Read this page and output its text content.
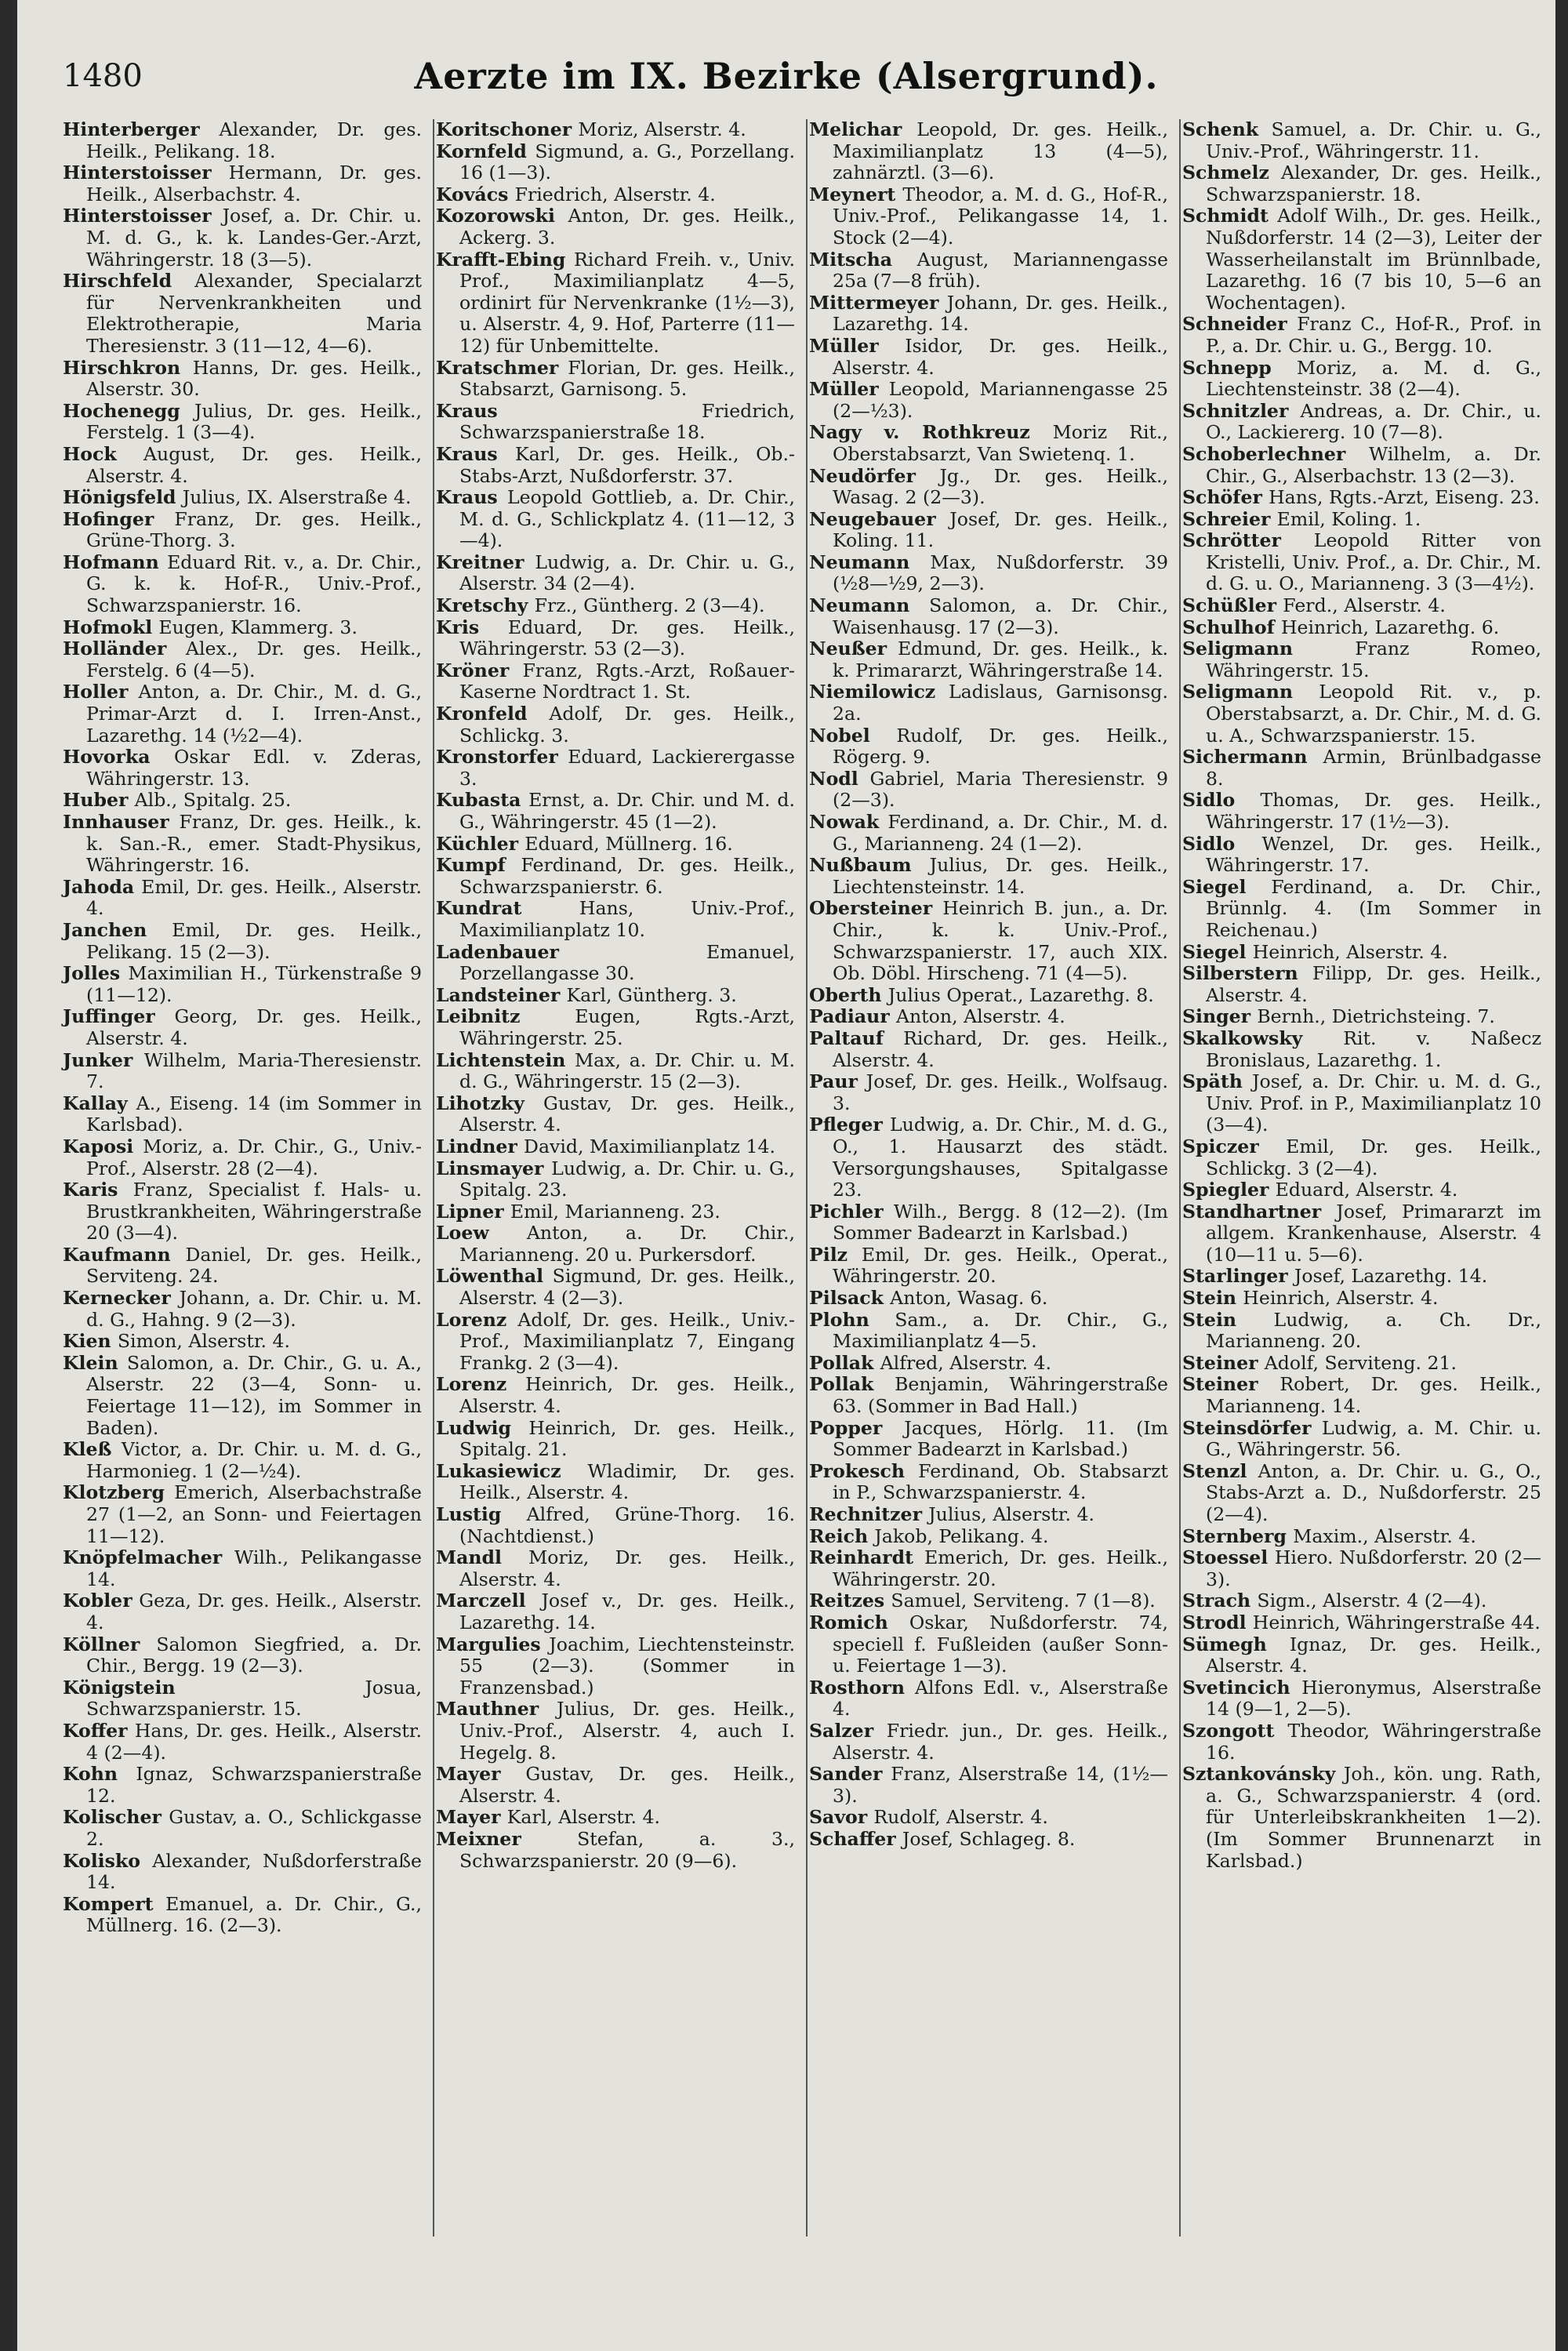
1480	Aerzte im IX. Bezirke (Alsergrund).

Hinterberger Alexander, Dr. ges. Heilk., Pelikang. 18.

Hinterstoisser Hermann, Dr. ges. Heilk., Alserbachstr. 4.

Hinterstoisser Josef, a. Dr. Chir. u. M. d. G., k. k. Landes-Ger.-Arzt, Währingerstr. 18 (3—5).

Hirschfeld Alexander, Specialarzt für Nervenkrankheiten und Elektrotherapie, Maria Theresienstr. 3 (11—12, 4—6).

Hirschkron Hanns, Dr. ges. Heilk., Alserstr. 30.

Hochenegg Julius, Dr. ges. Heilk., Ferstelg. 1 (3—4).

Hock August, Dr. ges. Heilk., Alserstr. 4.

Hönigsfeld Julius, IX. Alserstraße 4.

Hofinger Franz, Dr. ges. Heilk., Grüne-Thorg. 3.

Hofmann Eduard Rit. v., a. Dr. Chir., G. k. k. Hof-R., Univ.-Prof., Schwarzspanierstr. 16.

Hofmokl Eugen, Klammerg. 3.

Holländer Alex., Dr. ges. Heilk., Ferstelg. 6 (4—5).

Holler Anton, a. Dr. Chir., M. d. G., Primar-Arzt d. I. Irren-Anst., Lazarethg. 14 (½2—4).

Hovorka Oskar Edl. v. Zderas, Währingerstr. 13.

Huber Alb., Spitalg. 25.

Innhauser Franz, Dr. ges. Heilk., k. k. San.-R., emer. Stadt-Physikus, Währingerstr. 16.

Jahoda Emil, Dr. ges. Heilk., Alserstr. 4.

Janchen Emil, Dr. ges. Heilk., Pelikang. 15 (2—3).

Jolles Maximilian H., Türkenstraße 9 (11—12).

Juffinger Georg, Dr. ges. Heilk., Alserstr. 4.

Junker Wilhelm, Maria-Theresienstr. 7.

Kallay A., Eiseng. 14 (im Sommer in Karlsbad).

Kaposi Moriz, a. Dr. Chir., G., Univ.-Prof., Alserstr. 28 (2—4).

Karis Franz, Specialist f. Hals- u. Brustkrankheiten, Währingerstraße 20 (3—4).

Kaufmann Daniel, Dr. ges. Heilk., Serviteng. 24.

Kernecker Johann, a. Dr. Chir. u. M. d. G., Hahng. 9 (2—3).

Kien Simon, Alserstr. 4.

Klein Salomon, a. Dr. Chir., G. u. A., Alserstr. 22 (3—4, Sonn- u. Feiertage 11—12), im Sommer in Baden).

Kleß Victor, a. Dr. Chir. u. M. d. G., Harmonieg. 1 (2—½4).

Klotzberg Emerich, Alserbachstraße 27 (1—2, an Sonn- und Feiertagen 11—12).

Knöpfelmacher Wilh., Pelikangasse 14.

Kobler Geza, Dr. ges. Heilk., Alserstr. 4.

Köllner Salomon Siegfried, a. Dr. Chir., Bergg. 19 (2—3).

Königstein	Josua, Schwarzspanierstr. 15.

Koffer Hans, Dr. ges. Heilk., Alserstr. 4 (2—4).

Kohn Ignaz, Schwarzspanierstraße 12.

Kolischer Gustav, a. O., Schlickgasse 2.

Kolisko Alexander, Nußdorferstraße 14.

Kompert Emanuel, a. Dr. Chir., G., Müllnerg. 16. (2—3).

Koritschoner Moriz, Alserstr. 4.

Kornfeld Sigmund, a. G., Porzellang. 16 (1—3).

Kovács Friedrich, Alserstr. 4.

Kozorowski Anton, Dr. ges. Heilk., Ackerg. 3.

Krafft-Ebing Richard Freih. v., Univ. Prof., Maximilianplatz 4—5, ordinirt für Nervenkranke (1½—3), u. Alserstr. 4, 9. Hof, Parterre (11—12) für Unbemittelte.

Kratschmer Florian, Dr. ges. Heilk., Stabsarzt, Garnisong. 5.

Kraus	Friedrich, Schwarzspanierstraße 18.

Kraus Karl, Dr. ges. Heilk., Ob.-Stabs-Arzt, Nußdorferstr. 37.

Kraus Leopold Gottlieb, a. Dr. Chir., M. d. G., Schlickplatz 4. (11—12, 3—4).

Kreitner Ludwig, a. Dr. Chir. u. G., Alserstr. 34 (2—4).

Kretschy Frz., Güntherg. 2 (3—4).

Kris Eduard, Dr. ges. Heilk., Währingerstr. 53 (2—3).

Kröner Franz, Rgts.-Arzt, Roßauer-Kaserne Nordtract 1. St.

Kronfeld Adolf, Dr. ges. Heilk., Schlickg. 3.

Kronstorfer Eduard, Lackierergasse 3.

Kubasta Ernst, a. Dr. Chir. und M. d. G., Währingerstr. 45 (1—2).

Küchler Eduard, Müllnerg. 16.

Kumpf Ferdinand, Dr. ges. Heilk., Schwarzspanierstr. 6.

Kundrat	Hans, Univ.-Prof., Maximilianplatz 10.

Ladenbauer	Emanuel, Porzellangasse 30.

Landsteiner Karl, Güntherg. 3.

Leibnitz	Eugen, Rgts.-Arzt, Währingerstr. 25.

Lichtenstein Max, a. Dr. Chir. u. M. d. G., Währingerstr. 15 (2—3).

Lihotzky Gustav, Dr. ges. Heilk., Alserstr. 4.

Lindner David, Maximilianplatz 14.

Linsmayer Ludwig, a. Dr. Chir. u. G., Spitalg. 23.

Lipner Emil, Marianneng. 23.

Loew Anton, a. Dr. Chir., Marianneng. 20 u. Purkersdorf.

Löwenthal Sigmund, Dr. ges. Heilk., Alserstr. 4 (2—3).

Lorenz Adolf, Dr. ges. Heilk., Univ.-Prof., Maximilianplatz 7, Eingang Frankg. 2 (3—4).

Lorenz Heinrich, Dr. ges. Heilk., Alserstr. 4.

Ludwig Heinrich, Dr. ges. Heilk., Spitalg. 21.

Lukasiewicz Wladimir, Dr. ges. Heilk., Alserstr. 4.

Lustig Alfred, Grüne-Thorg. 16. (Nachtdienst.)

Mandl Moriz, Dr. ges. Heilk., Alserstr. 4.

Marczell Josef v., Dr. ges. Heilk., Lazarethg. 14.

Margulies Joachim, Liechtensteinstr. 55 (2—3). (Sommer in Franzensbad.)

Mauthner Julius, Dr. ges. Heilk., Univ.-Prof., Alserstr. 4, auch I. Hegelg. 8.

Mayer Gustav, Dr. ges. Heilk., Alserstr. 4.

Mayer Karl, Alserstr. 4.

Meixner	Stefan, a. 3., Schwarzspanierstr. 20 (9—6).

Melichar Leopold, Dr. ges. Heilk., Maximilianplatz 13 (4—5), zahnärztl. (3—6).

Meynert Theodor, a. M. d. G., Hof-R., Univ.-Prof., Pelikangasse 14, 1. Stock (2—4).

Mitscha August, Mariannengasse 25a (7—8 früh).

Mittermeyer Johann, Dr. ges. Heilk., Lazarethg. 14.

Müller Isidor, Dr. ges. Heilk., Alserstr. 4.

Müller Leopold, Mariannengasse 25 (2—½3).

Nagy v. Rothkreuz Moriz Rit., Oberstabsarzt, Van Swietenq. 1.

Neudörfer Jg., Dr. ges. Heilk., Wasag. 2 (2—3).

Neugebauer Josef, Dr. ges. Heilk., Koling. 11.

Neumann Max, Nußdorferstr. 39 (½8—½9, 2—3).

Neumann Salomon, a. Dr. Chir., Waisenhausg. 17 (2—3).

Neußer Edmund, Dr. ges. Heilk., k. k. Primararzt, Währingerstraße 14.

Niemilowicz Ladislaus, Garnisonsg. 2a.

Nobel Rudolf, Dr. ges. Heilk., Rögerg. 9.

Nodl Gabriel, Maria Theresienstr. 9 (2—3).

Nowak Ferdinand, a. Dr. Chir., M. d. G., Marianneng. 24 (1—2).

Nußbaum Julius, Dr. ges. Heilk., Liechtensteinstr. 14.

Obersteiner Heinrich B. jun., a. Dr. Chir., k. k. Univ.-Prof., Schwarzspanierstr. 17, auch XIX. Ob. Döbl. Hirscheng. 71 (4—5).

Oberth Julius Operat., Lazarethg. 8.

Padiaur Anton, Alserstr. 4.

Paltauf Richard, Dr. ges. Heilk., Alserstr. 4.

Paur Josef, Dr. ges. Heilk., Wolfsaug. 3.

Pfleger Ludwig, a. Dr. Chir., M. d. G., O., 1. Hausarzt des städt. Versorgungshauses, Spitalgasse 23.

Pichler Wilh., Bergg. 8 (12—2). (Im Sommer Badearzt in Karlsbad.)

Pilz Emil, Dr. ges. Heilk., Operat., Währingerstr. 20.

Pilsack Anton, Wasag. 6.

Plohn Sam., a. Dr. Chir., G., Maximilianplatz 4—5.

Pollak Alfred, Alserstr. 4.

Pollak Benjamin, Währingerstraße 63. (Sommer in Bad Hall.)

Popper Jacques, Hörlg. 11. (Im Sommer Badearzt in Karlsbad.)

Prokesch Ferdinand, Ob. Stabsarzt in P., Schwarzspanierstr. 4.

Rechnitzer Julius, Alserstr. 4.

Reich Jakob, Pelikang. 4.

Reinhardt Emerich, Dr. ges. Heilk., Währingerstr. 20.

Reitzes Samuel, Serviteng. 7 (1—8).

Romich Oskar, Nußdorferstr. 74, speciell f. Fußleiden (außer Sonn- u. Feiertage 1—3).

Rosthorn Alfons Edl. v., Alserstraße 4.

Salzer Friedr. jun., Dr. ges. Heilk., Alserstr. 4.

Sander Franz, Alserstraße 14, (1½—3).

Savor Rudolf, Alserstr. 4.

Schaffer Josef, Schlageg. 8.

Schenk Samuel, a. Dr. Chir. u. G., Univ.-Prof., Währingerstr. 11.

Schmelz Alexander, Dr. ges. Heilk., Schwarzspanierstr. 18.

Schmidt Adolf Wilh., Dr. ges. Heilk., Nußdorferstr. 14 (2—3), Leiter der Wasserheilanstalt im Brünnlbade, Lazarethg. 16 (7 bis 10, 5—6 an Wochentagen).

Schneider Franz C., Hof-R., Prof. in P., a. Dr. Chir. u. G., Bergg. 10.

Schnepp Moriz, a. M. d. G., Liechtensteinstr. 38 (2—4).

Schnitzler Andreas, a. Dr. Chir., u. O., Lackiererg. 10 (7—8).

Schoberlechner Wilhelm, a. Dr. Chir., G., Alserbachstr. 13 (2—3).

Schöfer Hans, Rgts.-Arzt, Eiseng. 23.

Schreier Emil, Koling. 1.

Schrötter Leopold Ritter von Kristelli, Univ. Prof., a. Dr. Chir., M. d. G. u. O., Marianneng. 3 (3—4½).

Schüßler Ferd., Alserstr. 4.

Schulhof Heinrich, Lazarethg. 6.

Seligmann	Franz Romeo, Währingerstr. 15.

Seligmann Leopold Rit. v., p. Oberstabsarzt, a. Dr. Chir., M. d. G. u. A., Schwarzspanierstr. 15.

Sichermann Armin, Brünlbadgasse 8.

Sidlo Thomas, Dr. ges. Heilk., Währingerstr. 17 (1½—3).

Sidlo Wenzel, Dr. ges. Heilk., Währingerstr. 17.

Siegel Ferdinand, a. Dr. Chir., Brünnlg. 4. (Im Sommer in Reichenau.)

Siegel Heinrich, Alserstr. 4.

Silberstern Filipp, Dr. ges. Heilk., Alserstr. 4.

Singer Bernh., Dietrichsteing. 7.

Skalkowsky Rit. v. Naßecz Bronislaus, Lazarethg. 1.

Späth Josef, a. Dr. Chir. u. M. d. G., Univ. Prof. in P., Maximilianplatz 10 (3—4).

Spiczer Emil, Dr. ges. Heilk., Schlickg. 3 (2—4).

Spiegler Eduard, Alserstr. 4.

Standhartner Josef, Primararzt im allgem. Krankenhause, Alserstr. 4 (10—11 u. 5—6).

Starlinger Josef, Lazarethg. 14.

Stein Heinrich, Alserstr. 4.

Stein Ludwig, a. Ch. Dr., Marianneng. 20.

Steiner Adolf, Serviteng. 21.

Steiner Robert, Dr. ges. Heilk., Marianneng. 14.

Steinsdörfer Ludwig, a. M. Chir. u. G., Währingerstr. 56.

Stenzl Anton, a. Dr. Chir. u. G., O., Stabs-Arzt a. D., Nußdorferstr. 25 (2—4).

Sternberg Maxim., Alserstr. 4.

Stoessel Hiero. Nußdorferstr. 20 (2—3).

Strach Sigm., Alserstr. 4 (2—4).

Strodl Heinrich, Währingerstraße 44.

Sümegh Ignaz, Dr. ges. Heilk., Alserstr. 4.

Svetincich Hieronymus, Alserstraße 14 (9—1, 2—5).

Szongott Theodor, Währingerstraße 16.

Sztankovánsky Joh., kön. ung. Rath, a. G., Schwarzspanierstr. 4 (ord. für Unterleibskrankheiten 1—2). (Im Sommer Brunnenarzt in Karlsbad.)
